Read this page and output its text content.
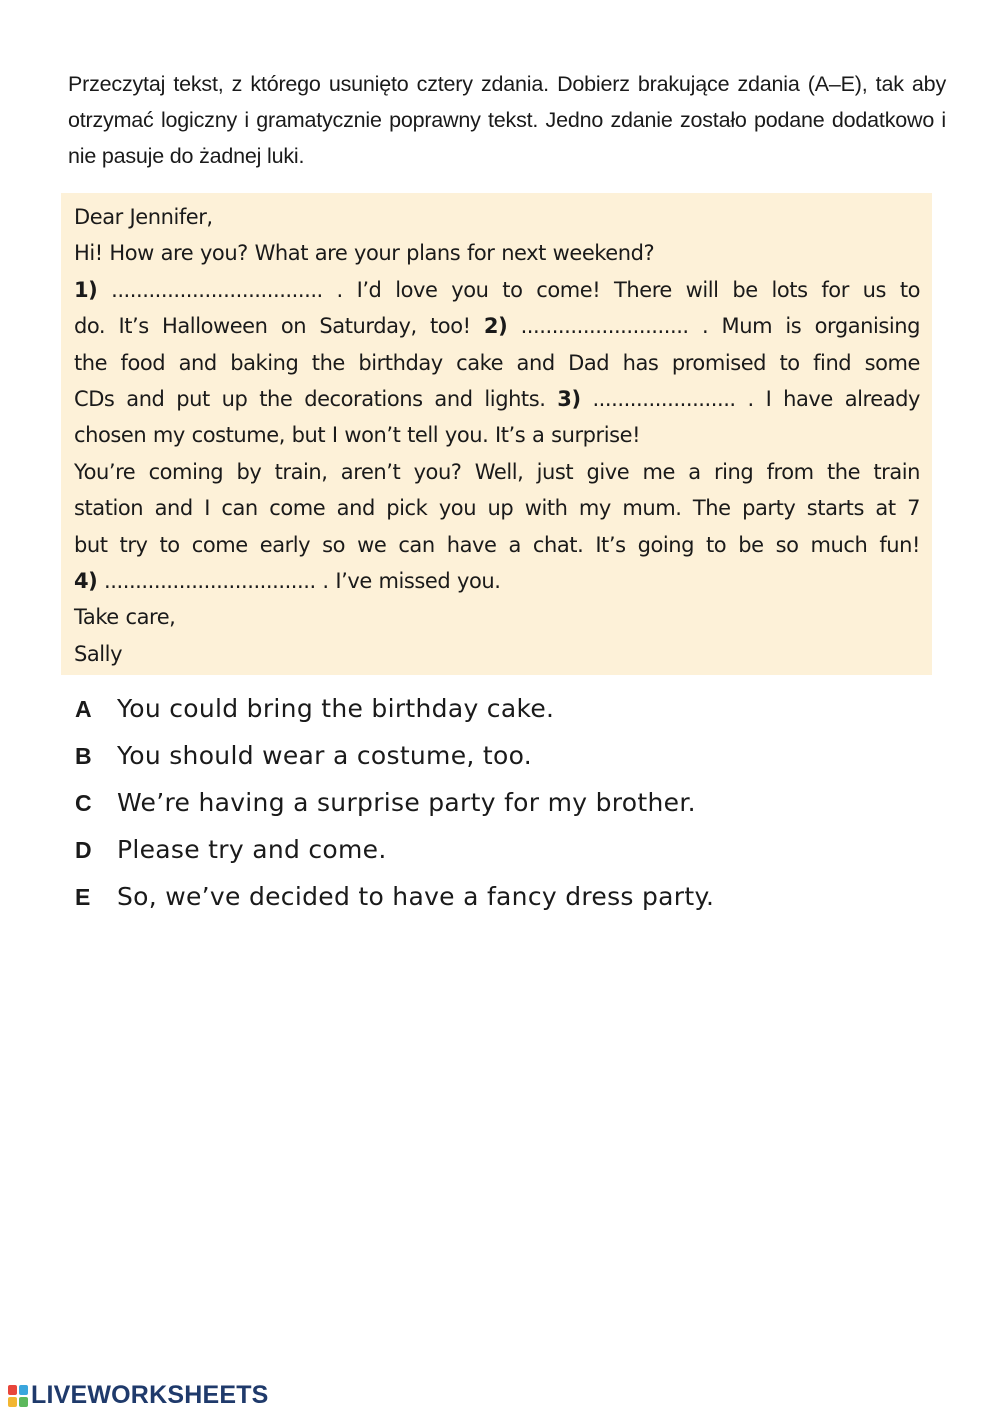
Przeczytaj tekst, z którego usunięto cztery zdania. Dobierz brakujące zdania (A–E), tak aby otrzymać logiczny i gramatycznie poprawny tekst. Jedno zdanie zostało podane dodatkowo i nie pasuje do żadnej luki.

Dear Jennifer,

Hi! How are you? What are your plans for next weekend?

1) .................................. . I’d love you to come! There will be lots for us to

do. It’s Halloween on Saturday, too! 2) ........................... . Mum is organising

the food and baking the birthday cake and Dad has promised to find some

CDs and put up the decorations and lights. 3) ....................... . I have already

chosen my costume, but I won’t tell you. It’s a surprise!

You’re coming by train, aren’t you? Well, just give me a ring from the train

station and I can come and pick you up with my mum. The party starts at 7

but try to come early so we can have a chat. It’s going to be so much fun!

4) .................................. . I’ve missed you.

Take care,

Sally

A	You could bring the birthday cake.
B	You should wear a costume, too.
C	We’re having a surprise party for my brother.
D	Please try and come.
E	So, we’ve decided to have a fancy dress party.
LIVEWORKSHEETS
